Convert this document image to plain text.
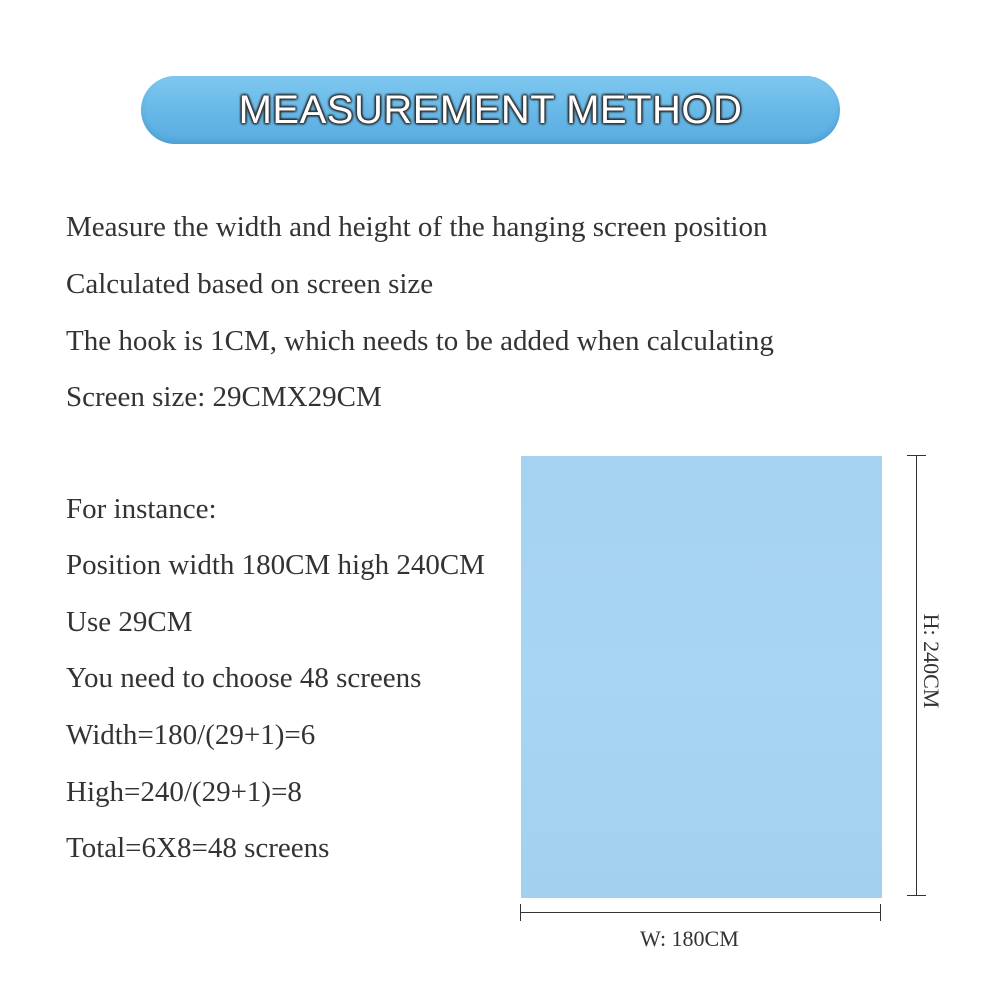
MEASUREMENT METHOD
Measure the width and height of the hanging screen position
Calculated based on screen size
The hook is 1CM, which needs to be added when calculating
Screen size: 29CMX29CM
For instance:
Position width 180CM high 240CM
Use 29CM
You need to choose 48 screens
Width=180/(29+1)=6
High=240/(29+1)=8
Total=6X8=48 screens
H: 240CM
W: 180CM
